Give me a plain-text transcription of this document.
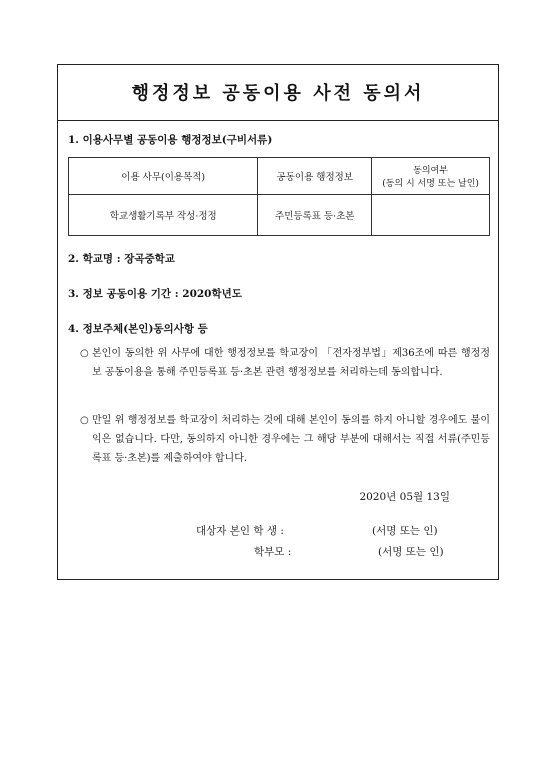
행정정보 공동이용 사전 동의서
1. 이용사무별 공동이용 행정정보(구비서류)
이용 사무(이용목적)	공동이용 행정정보	동의여부
(동의 시 서명 또는 날인)

학교생활기록부 작성·정정	주민등록표 등·초본	
2. 학교명 : 장곡중학교
3. 정보 공동이용 기간 : 2020학년도
4. 정보주체(본인)동의사항 등
○ 본인이 동의한 위 사무에 대한 행정정보를 학교장이 「전자정부법」제36조에 따른 행정정보 공동이용을 통해 주민등록표 등·초본 관련 행정정보를 처리하는데 동의합니다.
○ 만일 위 행정정보를 학교장이 처리하는 것에 대해 본인이 동의를 하지 아니할 경우에도 불이익은 없습니다. 다만, 동의하지 아니한 경우에는 그 해당 부분에 대해서는 직접 서류(주민등록표 등·초본)를 제출하여야 합니다.
2020년 05월 13일
대상자 본인 학 생 :	(서명 또는 인)
학부모 :	(서명 또는 인)
